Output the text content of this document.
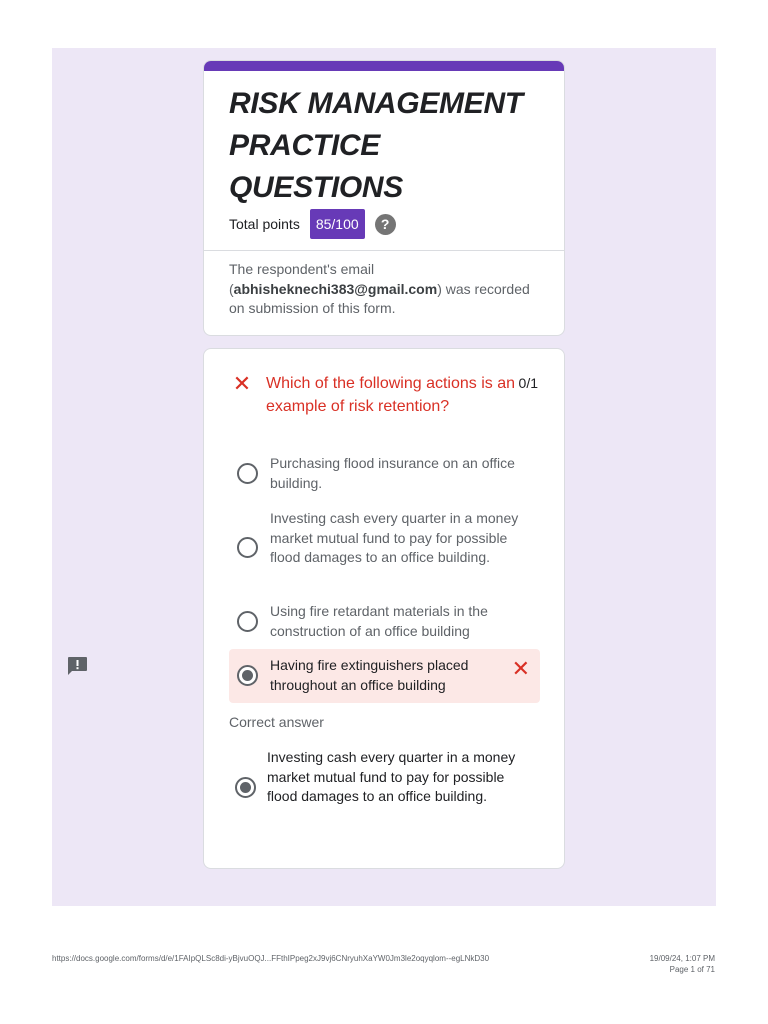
RISK MANAGEMENT PRACTICE QUESTIONS
Total points	85/100	?
The respondent's email (abhisheknechi383@gmail.com) was recorded on submission of this form.
✕ Which of the following actions is an example of risk retention?
0/1
Purchasing flood insurance on an office building.
Investing cash every quarter in a money market mutual fund to pay for possible flood damages to an office building.
Using fire retardant materials in the construction of an office building
Having fire extinguishers placed throughout an office building
✕
Correct answer
Investing cash every quarter in a money market mutual fund to pay for possible flood damages to an office building.
https://docs.google.com/forms/d/e/1FAIpQLSc8di-yBjvuOQJ...FFthIPpeg2xJ9vj6CNryuhXaYW0Jm3le2oqyqlom--egLNkD30	19/09/24, 1:07 PM
Page 1 of 71
